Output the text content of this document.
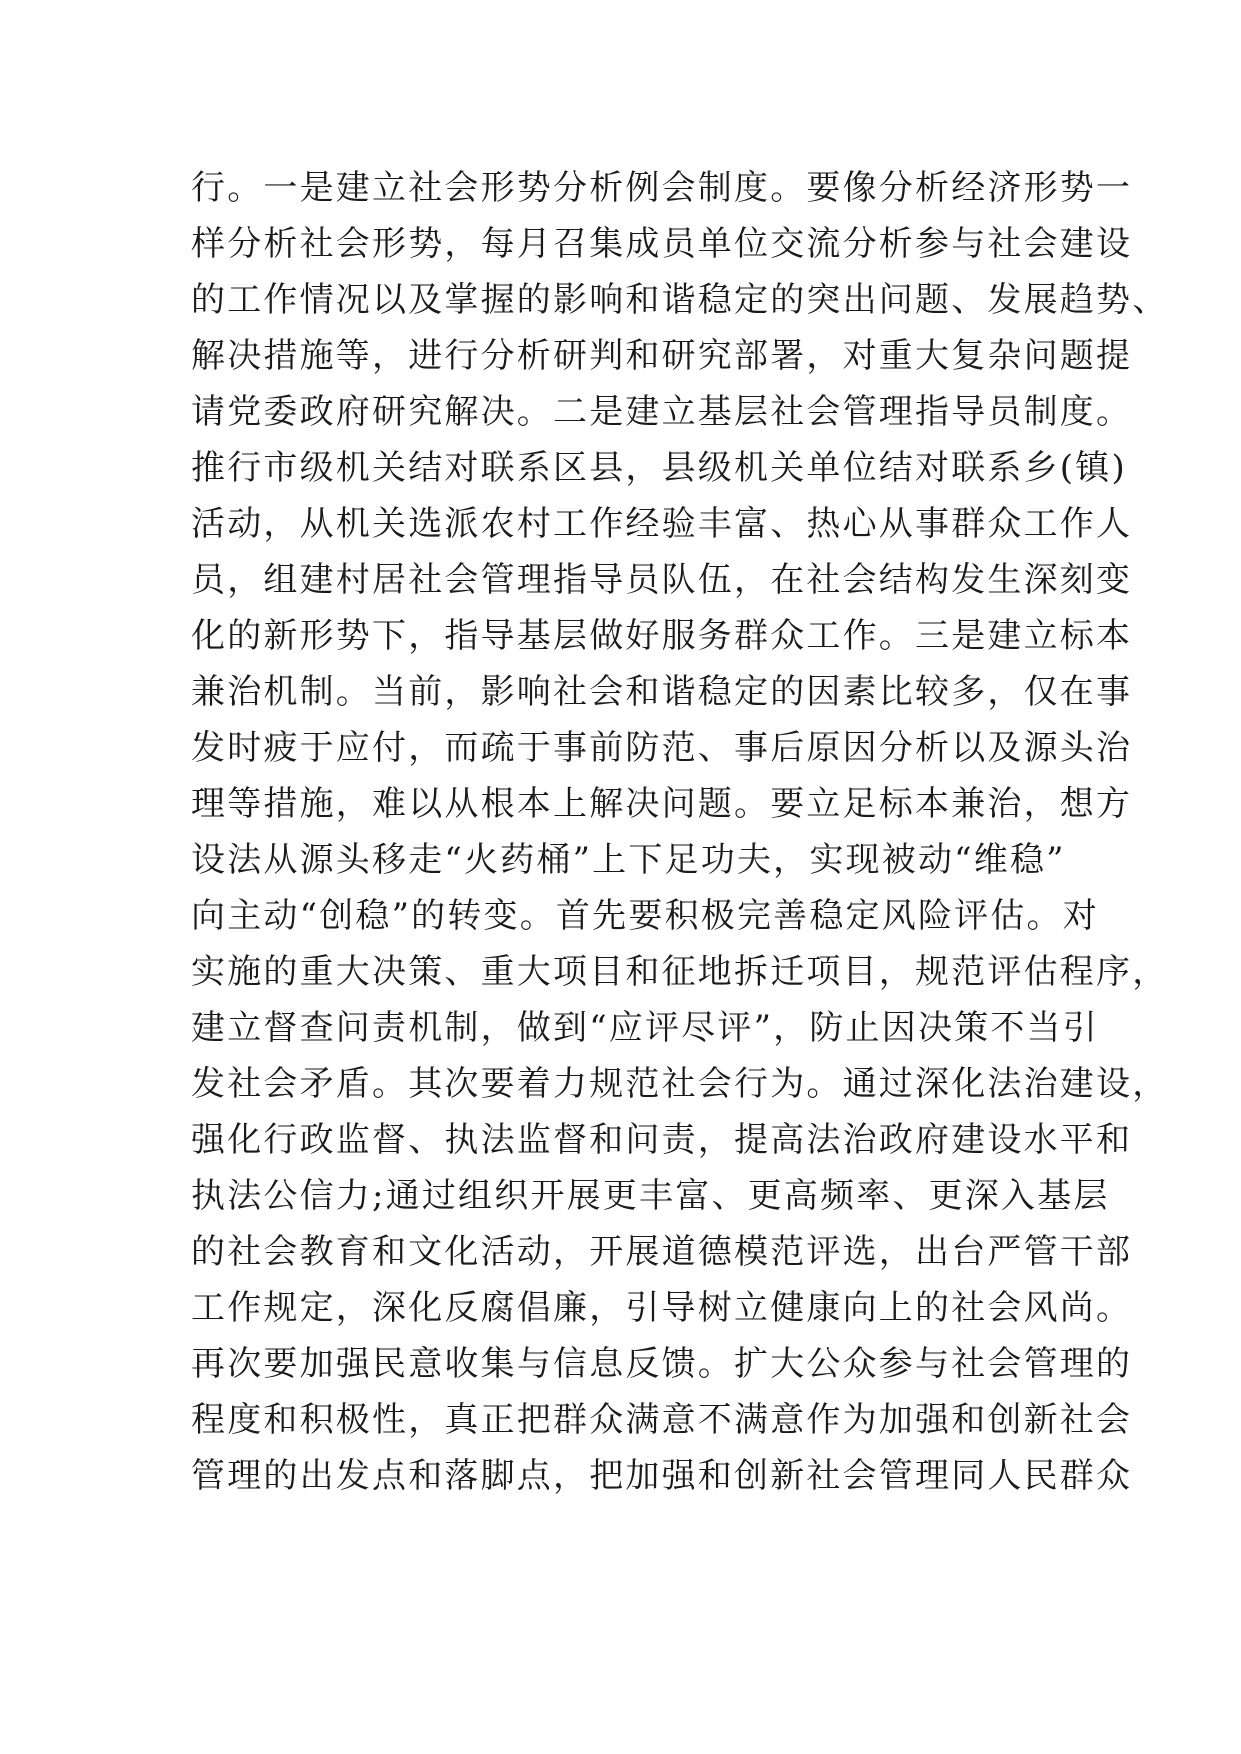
行。一是建立社会形势分析例会制度。要像分析经济形势一
样分析社会形势，每月召集成员单位交流分析参与社会建设
的工作情况以及掌握的影响和谐稳定的突出问题、发展趋势、
解决措施等，进行分析研判和研究部署，对重大复杂问题提
请党委政府研究解决。二是建立基层社会管理指导员制度。
推行市级机关结对联系区县，县级机关单位结对联系乡(镇)
活动，从机关选派农村工作经验丰富、热心从事群众工作人
员，组建村居社会管理指导员队伍，在社会结构发生深刻变
化的新形势下，指导基层做好服务群众工作。三是建立标本
兼治机制。当前，影响社会和谐稳定的因素比较多，仅在事
发时疲于应付，而疏于事前防范、事后原因分析以及源头治
理等措施，难以从根本上解决问题。要立足标本兼治，想方
设法从源头移走“火药桶”上下足功夫，实现被动“维稳”
向主动“创稳”的转变。首先要积极完善稳定风险评估。对
实施的重大决策、重大项目和征地拆迁项目，规范评估程序，
建立督查问责机制，做到“应评尽评”，防止因决策不当引
发社会矛盾。其次要着力规范社会行为。通过深化法治建设，
强化行政监督、执法监督和问责，提高法治政府建设水平和
执法公信力;通过组织开展更丰富、更高频率、更深入基层
的社会教育和文化活动，开展道德模范评选，出台严管干部
工作规定，深化反腐倡廉，引导树立健康向上的社会风尚。
再次要加强民意收集与信息反馈。扩大公众参与社会管理的
程度和积极性，真正把群众满意不满意作为加强和创新社会
管理的出发点和落脚点，把加强和创新社会管理同人民群众
